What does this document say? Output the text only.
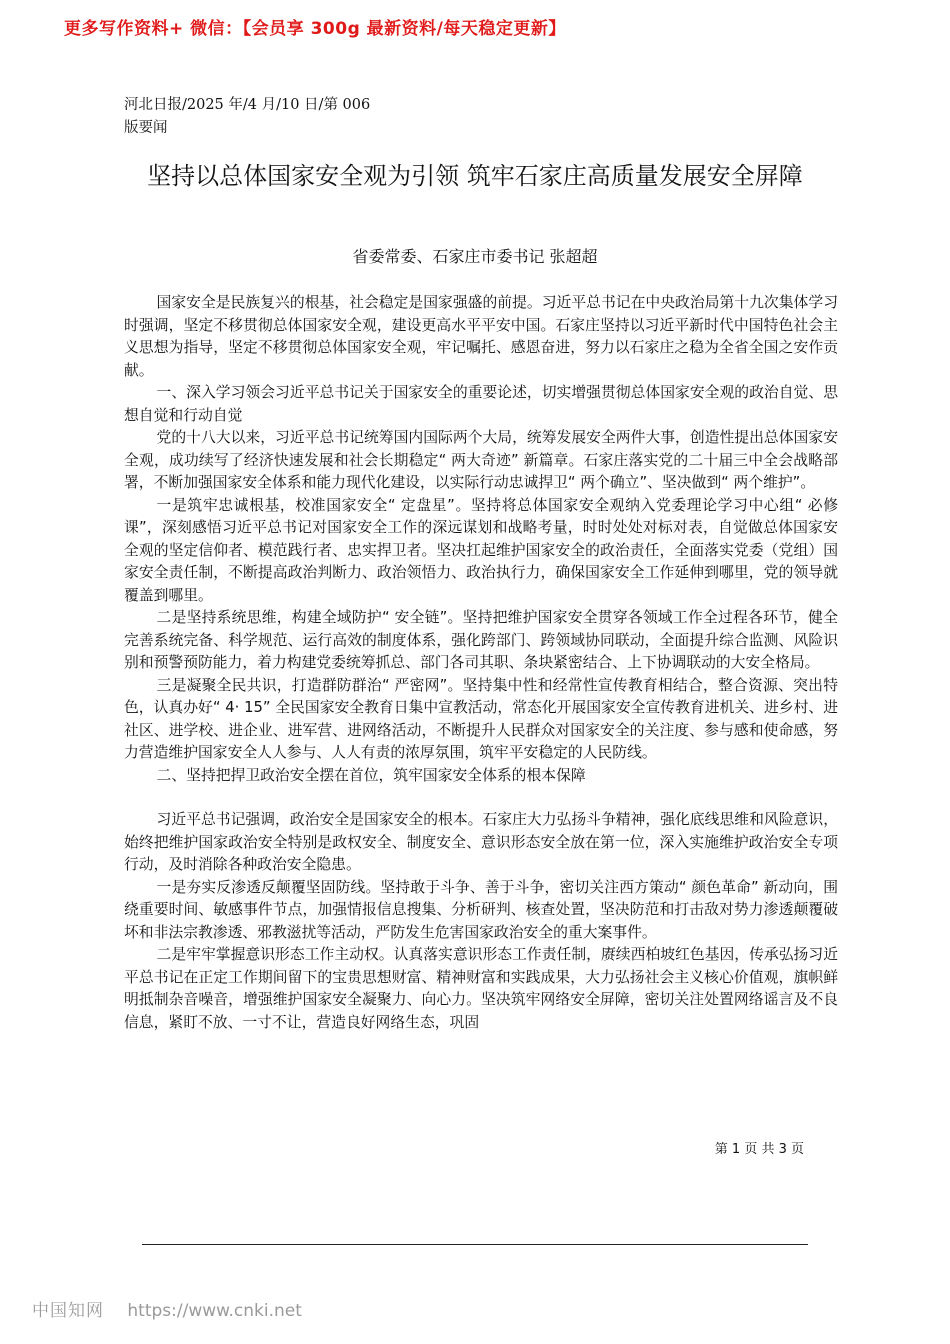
更多写作资料+ 微信：【会员享 300g 最新资料/每天稳定更新】
河北日报/2025 年/4 月/10 日/第 006
版要闻
坚持以总体国家安全观为引领 筑牢石家庄高质量发展安全屏障
省委常委、石家庄市委书记 张超超

国家安全是民族复兴的根基，社会稳定是国家强盛的前提。习近平总书记在中央政治局第十九次集体学习时强调，坚定不移贯彻总体国家安全观，建设更高水平平安中国。石家庄坚持以习近平新时代中国特色社会主义思想为指导，坚定不移贯彻总体国家安全观，牢记嘱托、感恩奋进，努力以石家庄之稳为全省全国之安作贡献。

一、深入学习领会习近平总书记关于国家安全的重要论述，切实增强贯彻总体国家安全观的政治自觉、思想自觉和行动自觉

党的十八大以来，习近平总书记统筹国内国际两个大局，统筹发展安全两件大事，创造性提出总体国家安全观，成功续写了经济快速发展和社会长期稳定“ 两大奇迹” 新篇章。石家庄落实党的二十届三中全会战略部署，不断加强国家安全体系和能力现代化建设，以实际行动忠诚捍卫“ 两个确立”、坚决做到“ 两个维护”。

一是筑牢忠诚根基，校准国家安全“ 定盘星”。坚持将总体国家安全观纳入党委理论学习中心组“ 必修课”，深刻感悟习近平总书记对国家安全工作的深远谋划和战略考量，时时处处对标对表，自觉做总体国家安全观的坚定信仰者、模范践行者、忠实捍卫者。坚决扛起维护国家安全的政治责任，全面落实党委（党组）国家安全责任制，不断提高政治判断力、政治领悟力、政治执行力，确保国家安全工作延伸到哪里，党的领导就覆盖到哪里。

二是坚持系统思维，构建全域防护“ 安全链”。坚持把维护国家安全贯穿各领域工作全过程各环节，健全完善系统完备、科学规范、运行高效的制度体系，强化跨部门、跨领域协同联动，全面提升综合监测、风险识别和预警预防能力，着力构建党委统筹抓总、部门各司其职、条块紧密结合、上下协调联动的大安全格局。

三是凝聚全民共识，打造群防群治“ 严密网”。坚持集中性和经常性宣传教育相结合，整合资源、突出特色，认真办好“ 4· 15” 全民国家安全教育日集中宣教活动，常态化开展国家安全宣传教育进机关、进乡村、进社区、进学校、进企业、进军营、进网络活动，不断提升人民群众对国家安全的关注度、参与感和使命感，努力营造维护国家安全人人参与、人人有责的浓厚氛围，筑牢平安稳定的人民防线。

二、坚持把捍卫政治安全摆在首位，筑牢国家安全体系的根本保障

习近平总书记强调，政治安全是国家安全的根本。石家庄大力弘扬斗争精神，强化底线思维和风险意识，始终把维护国家政治安全特别是政权安全、制度安全、意识形态安全放在第一位，深入实施维护政治安全专项行动，及时消除各种政治安全隐患。

一是夯实反渗透反颠覆坚固防线。坚持敢于斗争、善于斗争，密切关注西方策动“ 颜色革命” 新动向，围绕重要时间、敏感事件节点，加强情报信息搜集、分析研判、核查处置，坚决防范和打击敌对势力渗透颠覆破坏和非法宗教渗透、邪教滋扰等活动，严防发生危害国家政治安全的重大案事件。

二是牢牢掌握意识形态工作主动权。认真落实意识形态工作责任制，赓续西柏坡红色基因，传承弘扬习近平总书记在正定工作期间留下的宝贵思想财富、精神财富和实践成果，大力弘扬社会主义核心价值观，旗帜鲜明抵制杂音噪音，增强维护国家安全凝聚力、向心力。坚决筑牢网络安全屏障，密切关注处置网络谣言及不良信息，紧盯不放、一寸不让，营造良好网络生态，巩固

第 1 页 共 3 页
中国知网 https://www.cnki.net
